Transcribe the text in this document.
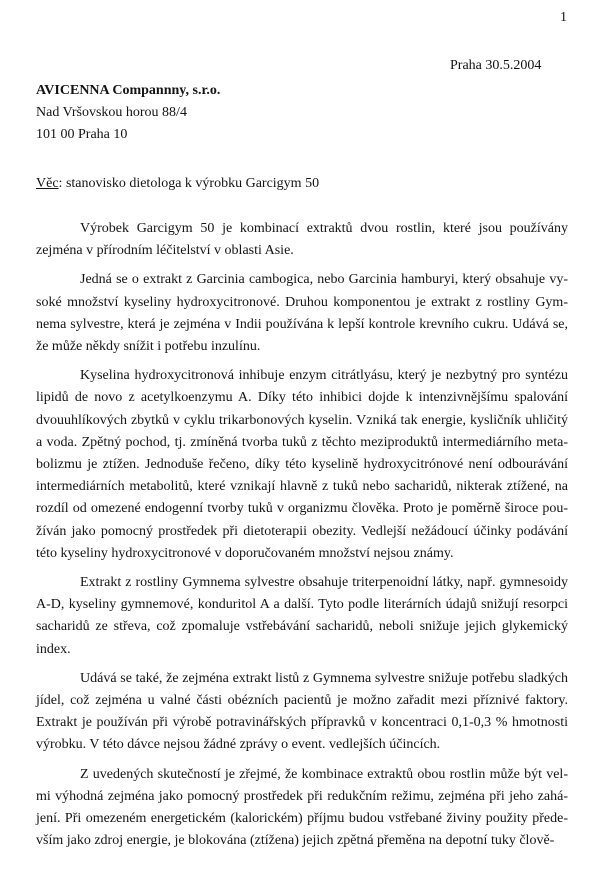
1
Praha 30.5.2004
AVICENNA Compannny, s.r.o.
Nad Vršovskou horou 88/4
101 00 Praha 10
Věc: stanovisko dietologa k výrobku Garcigym 50

Výrobek Garcigym 50 je kombinací extraktů dvou rostlin, které jsou používány zejména v přírodním léčitelství v oblasti Asie.

Jedná se o extrakt z Garcinia cambogica, nebo Garcinia hamburyi, který obsahuje vysoké množství kyseliny hydroxycitronové. Druhou komponentou je extrakt z rostliny Gymnema sylvestre, která je zejména v Indii používána k lepší kontrole krevního cukru. Udává se, že může někdy snížit i potřebu inzulínu.

Kyselina hydroxycitronová inhibuje enzym citrátlyásu, který je nezbytný pro syntézu lipidů de novo z acetylkoenzymu A. Díky této inhibici dojde k intenzivnějšímu spalování dvouuhlíkových zbytků v cyklu trikarbonových kyselin. Vzniká tak energie, kysličník uhličitý a voda. Zpětný pochod, tj. zmíněná tvorba tuků z těchto meziproduktů intermediárního metabolizmu je ztížen. Jednoduše řečeno, díky této kyselině hydroxycitrónové není odbourávání intermediárních metabolitů, které vznikají hlavně z tuků nebo sacharidů, nikterak ztížené, na rozdíl od omezené endogenní tvorby tuků v organizmu člověka. Proto je poměrně široce používán jako pomocný prostředek při dietoterapii obezity. Vedlejší nežádoucí účinky podávání této kyseliny hydroxycitronové v doporučovaném množství nejsou známy.

Extrakt z rostliny Gymnema sylvestre obsahuje triterpenoidní látky, např. gymnesoidy A-D, kyseliny gymnemové, konduritol A a další. Tyto podle literárních údajů snižují resorpci sacharidů ze střeva, což zpomaluje vstřebávání sacharidů, neboli snižuje jejich glykemický index.

Udává se také, že zejména extrakt listů z Gymnema sylvestre snižuje potřebu sladkých jídel, což zejména u valné části obézních pacientů je možno zařadit mezi příznivé faktory. Extrakt je používán při výrobě potravinářských přípravků v koncentraci 0,1-0,3 % hmotnosti výrobku. V této dávce nejsou žádné zprávy o event. vedlejších účincích.

Z uvedených skutečností je zřejmé, že kombinace extraktů obou rostlin může být velmi výhodná zejména jako pomocný prostředek při redukčním režimu, zejména při jeho zahájení. Při omezeném energetickém (kalorickém) příjmu budou vstřebané živiny použity především jako zdroj energie, je blokována (ztížena) jejich zpětná přeměna na depotní tuky člově-
